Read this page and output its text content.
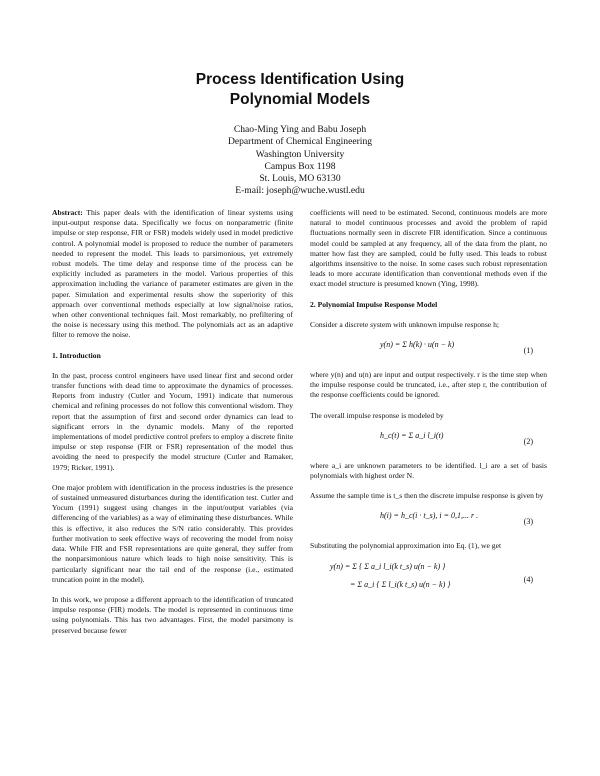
Process Identification Using
Polynomial Models
Chao-Ming Ying and Babu Joseph
Department of Chemical Engineering
Washington University
Campus Box 1198
St. Louis, MO 63130
E-mail: joseph@wuche.wustl.edu

Abstract: This paper deals with the identification of linear systems using input-output response data. Specifically we focus on nonparametric (finite impulse or step response, FIR or FSR) models widely used in model predictive control. A polynomial model is proposed to reduce the number of parameters needed to represent the model. This leads to parsimonious, yet extremely robust models. The time delay and response time of the process can be explicitly included as parameters in the model. Various properties of this approximation including the variance of parameter estimates are given in the paper. Simulation and experimental results show the superiority of this approach over conventional methods especially at low signal/noise ratios, when other conventional techniques fail. Most remarkably, no prefiltering of the noise is necessary using this method. The polynomials act as an adaptive filter to remove the noise.

1. Introduction

In the past, process control engineers have used linear first and second order transfer functions with dead time to approximate the dynamics of processes. Reports from industry (Cutler and Yocum, 1991) indicate that numerous chemical and refining processes do not follow this conventional wisdom. They report that the assumption of first and second order dynamics can lead to significant errors in the dynamic models. Many of the reported implementations of model predictive control prefers to employ a discrete finite impulse or step response (FIR or FSR) representation of the model thus avoiding the need to prespecify the model structure (Cutler and Ramaker, 1979; Ricker, 1991).

One major problem with identification in the process industries is the presence of sustained unmeasured disturbances during the identification test. Cutler and Yocum (1991) suggest using changes in the input/output variables (via differencing of the variables) as a way of eliminating these disturbances. While this is effective, it also reduces the S/N ratio considerably. This provides further motivation to seek effective ways of recovering the model from noisy data. While FIR and FSR representations are quite general, they suffer from the nonparsimonious nature which leads to high noise sensitivity. This is particularly significant near the tail end of the response (i.e., estimated truncation point in the model).

In this work, we propose a different approach to the identification of truncated impulse response (FIR) models. The model is represented in continuous time using polynomials. This has two advantages. First, the model parsimony is preserved because fewer

coefficients will need to be estimated. Second, continuous models are more natural to model continuous processes and avoid the problem of rapid fluctuations normally seen in discrete FIR identification. Since a continuous model could be sampled at any frequency, all of the data from the plant, no matter how fast they are sampled, could be fully used. This leads to robust algorithms insensitive to the noise. In some cases such robust representation leads to more accurate identification than conventional methods even if the exact model structure is presumed known (Ying, 1998).

2. Polynomial Impulse Response Model

Consider a discrete system with unknown impulse response h;

y(n) = Σ h(k) · u(n − k)
(1)

where y(n) and u(n) are input and output respectively. r is the time step when the impulse response could be truncated, i.e., after step r, the contribution of the response coefficients could be ignored.

The overall impulse response is modeled by

h_c(t) = Σ a_i l_i(t)
(2)

where a_i are unknown parameters to be identified. l_i are a set of basis polynomials with highest order N.

Assume the sample time is t_s then the discrete impulse response is given by

h(i) = h_c(i · t_s), i = 0,1,... r .
(3)

Substituting the polynomial approximation into Eq. (1), we get

y(n) = Σ { Σ a_i l_i(k t_s) u(n − k) }
= Σ a_i { Σ l_i(k t_s) u(n − k) }
(4)
